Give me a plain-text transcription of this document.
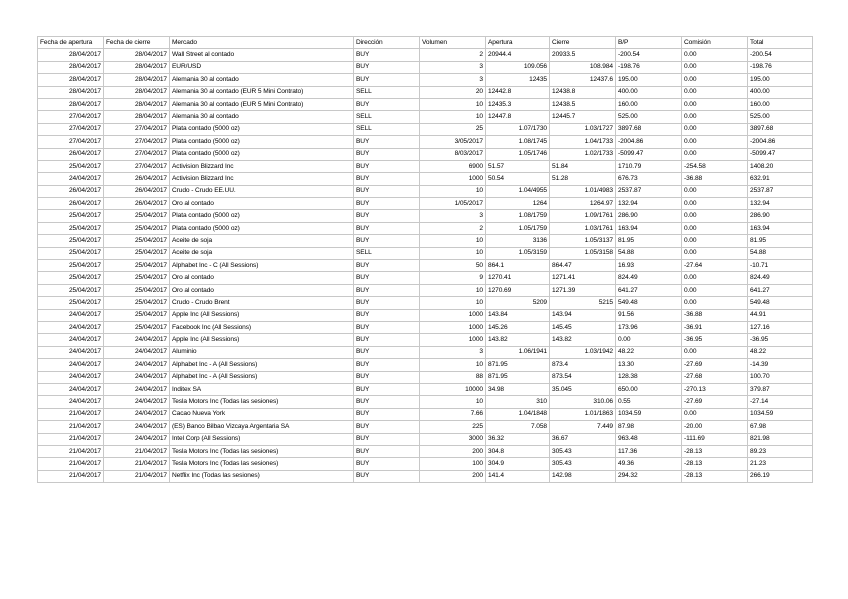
Fecha de apertura	Fecha de cierre	Mercado	Dirección	Volumen	Apertura	Cierre	B/P	Comisión	Total
28/04/2017	28/04/2017	Wall Street al contado	BUY	2	20944.4	20933.5	-200.54	0.00	-200.54
28/04/2017	28/04/2017	EUR/USD	BUY	3	109.056	108.984	-198.76	0.00	-198.76
28/04/2017	28/04/2017	Alemania 30 al contado	BUY	3	12435	12437.6	195.00	0.00	195.00
28/04/2017	28/04/2017	Alemania 30 al contado (EUR 5 Mini Contrato)	SELL	20	12442.8	12438.8	400.00	0.00	400.00
28/04/2017	28/04/2017	Alemania 30 al contado (EUR 5 Mini Contrato)	BUY	10	12435.3	12438.5	160.00	0.00	160.00
27/04/2017	28/04/2017	Alemania 30 al contado	SELL	10	12447.8	12445.7	525.00	0.00	525.00
27/04/2017	27/04/2017	Plata contado (5000 oz)	SELL	25	1.07/1730	1.03/1727	3897.68	0.00	3897.68
27/04/2017	27/04/2017	Plata contado (5000 oz)	BUY	3/05/2017	1.08/1745	1.04/1733	-2004.86	0.00	-2004.86
26/04/2017	27/04/2017	Plata contado (5000 oz)	BUY	8/03/2017	1.05/1746	1.02/1733	-5099.47	0.00	-5099.47
25/04/2017	27/04/2017	Activision Blizzard Inc	BUY	6900	51.57	51.84	1710.79	-254.58	1408.20
24/04/2017	26/04/2017	Activision Blizzard Inc	BUY	1000	50.54	51.28	676.73	-36.88	632.91
26/04/2017	26/04/2017	Crudo - Crudo EE.UU.	BUY	10	1.04/4955	1.01/4983	2537.87	0.00	2537.87
26/04/2017	26/04/2017	Oro al contado	BUY	1/05/2017	1264	1264.97	132.94	0.00	132.94
25/04/2017	25/04/2017	Plata contado (5000 oz)	BUY	3	1.08/1759	1.09/1761	286.90	0.00	286.90
25/04/2017	25/04/2017	Plata contado (5000 oz)	BUY	2	1.05/1759	1.03/1761	163.94	0.00	163.94
25/04/2017	25/04/2017	Aceite de soja	BUY	10	3136	1.05/3137	81.95	0.00	81.95
25/04/2017	25/04/2017	Aceite de soja	SELL	10	1.05/3159	1.05/3158	54.88	0.00	54.88
25/04/2017	25/04/2017	Alphabet Inc - C (All Sessions)	BUY	50	864.1	864.47	16.93	-27.64	-10.71
25/04/2017	25/04/2017	Oro al contado	BUY	9	1270.41	1271.41	824.49	0.00	824.49
25/04/2017	25/04/2017	Oro al contado	BUY	10	1270.69	1271.39	641.27	0.00	641.27
25/04/2017	25/04/2017	Crudo - Crudo Brent	BUY	10	5209	5215	549.48	0.00	549.48
24/04/2017	25/04/2017	Apple Inc (All Sessions)	BUY	1000	143.84	143.94	91.56	-36.88	44.91
24/04/2017	25/04/2017	Facebook Inc (All Sessions)	BUY	1000	145.26	145.45	173.96	-36.91	127.16
24/04/2017	24/04/2017	Apple Inc (All Sessions)	BUY	1000	143.82	143.82	0.00	-36.95	-36.95
24/04/2017	24/04/2017	Aluminio	BUY	3	1.06/1941	1.03/1942	48.22	0.00	48.22
24/04/2017	24/04/2017	Alphabet Inc - A (All Sessions)	BUY	10	871.95	873.4	13.30	-27.69	-14.39
24/04/2017	24/04/2017	Alphabet Inc - A (All Sessions)	BUY	88	871.95	873.54	128.38	-27.68	100.70
24/04/2017	24/04/2017	Inditex SA	BUY	10000	34.98	35.045	650.00	-270.13	379.87
24/04/2017	24/04/2017	Tesla Motors Inc (Todas las sesiones)	BUY	10	310	310.06	0.55	-27.69	-27.14
21/04/2017	24/04/2017	Cacao Nueva York	BUY	7.66	1.04/1848	1.01/1863	1034.59	0.00	1034.59
21/04/2017	24/04/2017	(ES) Banco Bilbao Vizcaya Argentaria SA	BUY	225	7.058	7.449	87.98	-20.00	67.98
21/04/2017	24/04/2017	Intel Corp (All Sessions)	BUY	3000	36.32	36.67	963.48	-111.69	821.98
21/04/2017	21/04/2017	Tesla Motors Inc (Todas las sesiones)	BUY	200	304.8	305.43	117.36	-28.13	89.23
21/04/2017	21/04/2017	Tesla Motors Inc (Todas las sesiones)	BUY	100	304.9	305.43	49.36	-28.13	21.23
21/04/2017	21/04/2017	Netflix Inc (Todas las sesiones)	BUY	200	141.4	142.98	294.32	-28.13	266.19
